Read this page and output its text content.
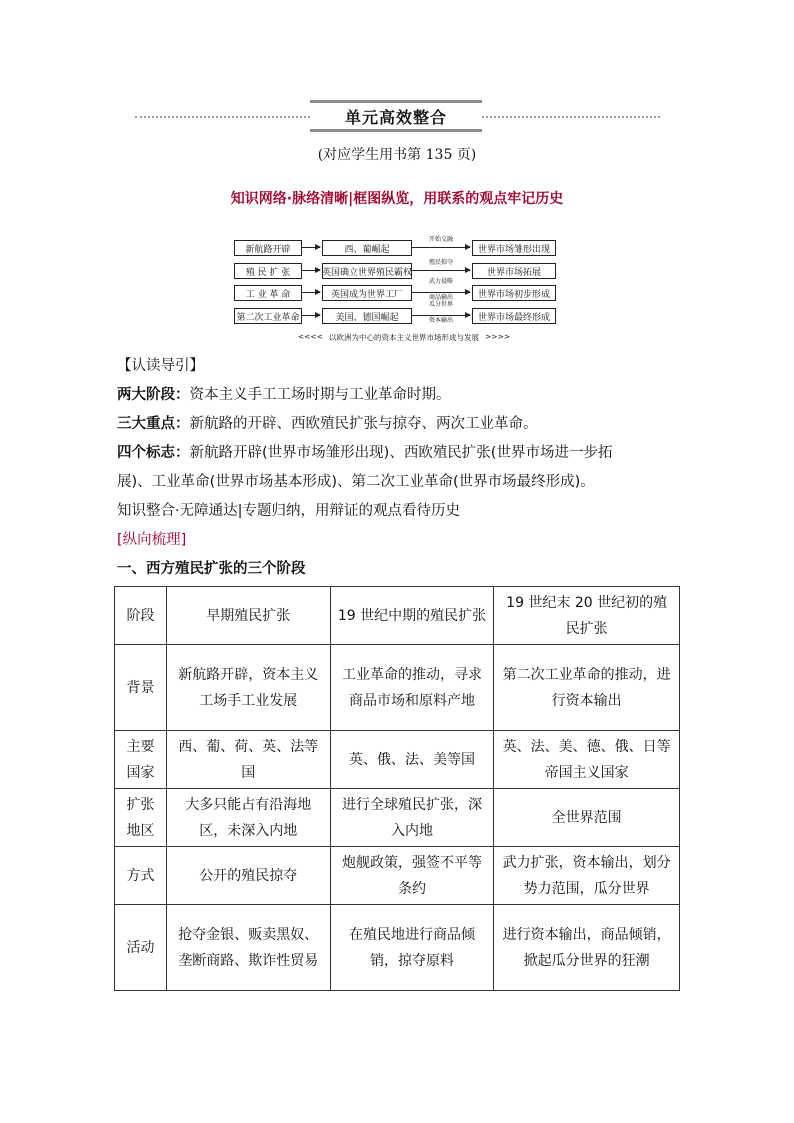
单元高效整合
(对应学生用书第 135 页)
知识网络·脉络清晰|框图纵览，用联系的观点牢记历史
新航路开辟	西、葡崛起
开始交融
世界市场雏形出现
殖 民 扩 张	英国确立世界殖民霸权
殖民掠夺
世界市场拓展
工 业 革 命	英国成为世界工厂
武力侵略
商品输出	世界市场初步形成
第二次工业革命	美国、德国崛起
瓜分世界
资本输出	世界市场最终形成
<<<< 以欧洲为中心的资本主义世界市场形成与发展 >>>>
【认读导引】
两大阶段：资本主义手工工场时期与工业革命时期。
三大重点：新航路的开辟、西欧殖民扩张与掠夺、两次工业革命。
四个标志：新航路开辟(世界市场雏形出现)、西欧殖民扩张(世界市场进一步拓
展)、工业革命(世界市场基本形成)、第二次工业革命(世界市场最终形成)。
知识整合·无障通达|专题归纳，用辩证的观点看待历史
[纵向梳理]
一、西方殖民扩张的三个阶段
阶段	早期殖民扩张	19 世纪中期的殖民扩张	19 世纪末 20 世纪初的殖民扩张
背景	新航路开辟，资本主义工场手工业发展	工业革命的推动，寻求商品市场和原料产地	第二次工业革命的推动，进行资本输出
主要国家	西、葡、荷、英、法等国	英、俄、法、美等国	英、法、美、德、俄、日等帝国主义国家
扩张地区	大多只能占有沿海地区，未深入内地	进行全球殖民扩张，深入内地	全世界范围
方式	公开的殖民掠夺	炮舰政策，强签不平等条约	武力扩张，资本输出，划分势力范围，瓜分世界
活动	抢夺金银、贩卖黑奴、垄断商路、欺诈性贸易	在殖民地进行商品倾销，掠夺原料	进行资本输出，商品倾销，掀起瓜分世界的狂潮
